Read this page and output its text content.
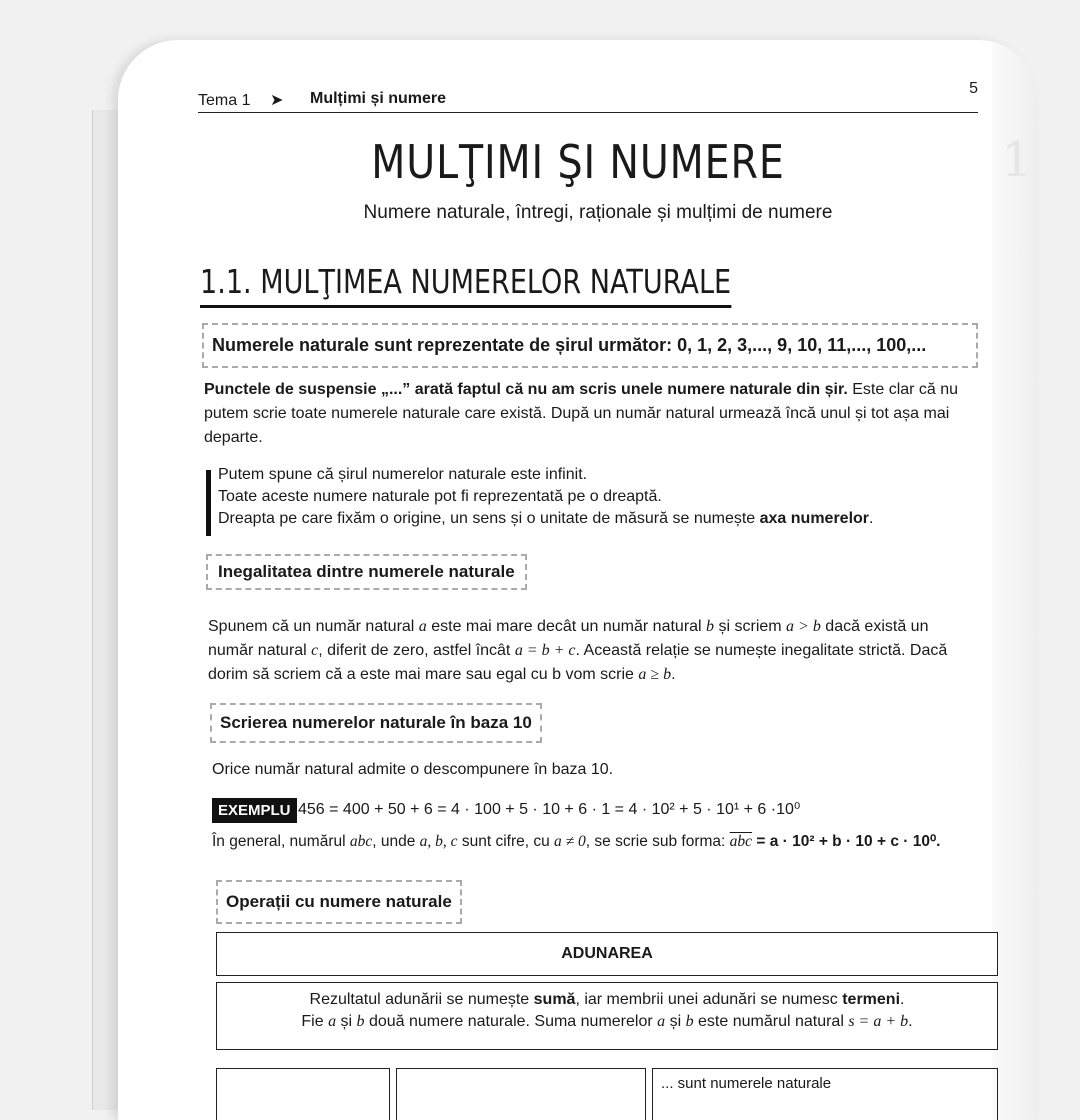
1
Tema 1 ➤ Mulțimi și numere
5
MULŢIMI ŞI NUMERE
Numere naturale, întregi, raționale și mulțimi de numere
1.1. MULŢIMEA NUMERELOR NATURALE
Numerele naturale sunt reprezentate de șirul următor: 0, 1, 2, 3,..., 9, 10, 11,..., 100,...
Punctele de suspensie „...” arată faptul că nu am scris unele numere naturale din șir. Este clar că nu putem scrie toate numerele naturale care există. După un număr natural urmează încă unul și tot așa mai departe.
Putem spune că șirul numerelor naturale este infinit.
Toate aceste numere naturale pot fi reprezentată pe o dreaptă.
Dreapta pe care fixăm o origine, un sens și o unitate de măsură se numește axa numerelor.
Inegalitatea dintre numerele naturale
Spunem că un număr natural a este mai mare decât un număr natural b și scriem a > b dacă există un număr natural c, diferit de zero, astfel încât a = b + c. Această relație se numește inegalitate strictă. Dacă dorim să scriem că a este mai mare sau egal cu b vom scrie a ≥ b.
Scrierea numerelor naturale în baza 10
Orice număr natural admite o descompunere în baza 10.
EXEMPLU 456 = 400 + 50 + 6 = 4 · 100 + 5 · 10 + 6 · 1 = 4 · 10² + 5 · 10¹ + 6 ·10⁰
În general, numărul abc, unde a, b, c sunt cifre, cu a ≠ 0, se scrie sub forma: $\overline{abc} = a \cdot 10^2 + b \cdot 10 + c \cdot 10^0$.
Operații cu numere naturale
ADUNAREA
Rezultatul adunării se numește sumă, iar membrii unei adunări se numesc termeni.
Fie a și b două numere naturale. Suma numerelor a și b este numărul natural s = a + b.
... sunt numerele naturale
